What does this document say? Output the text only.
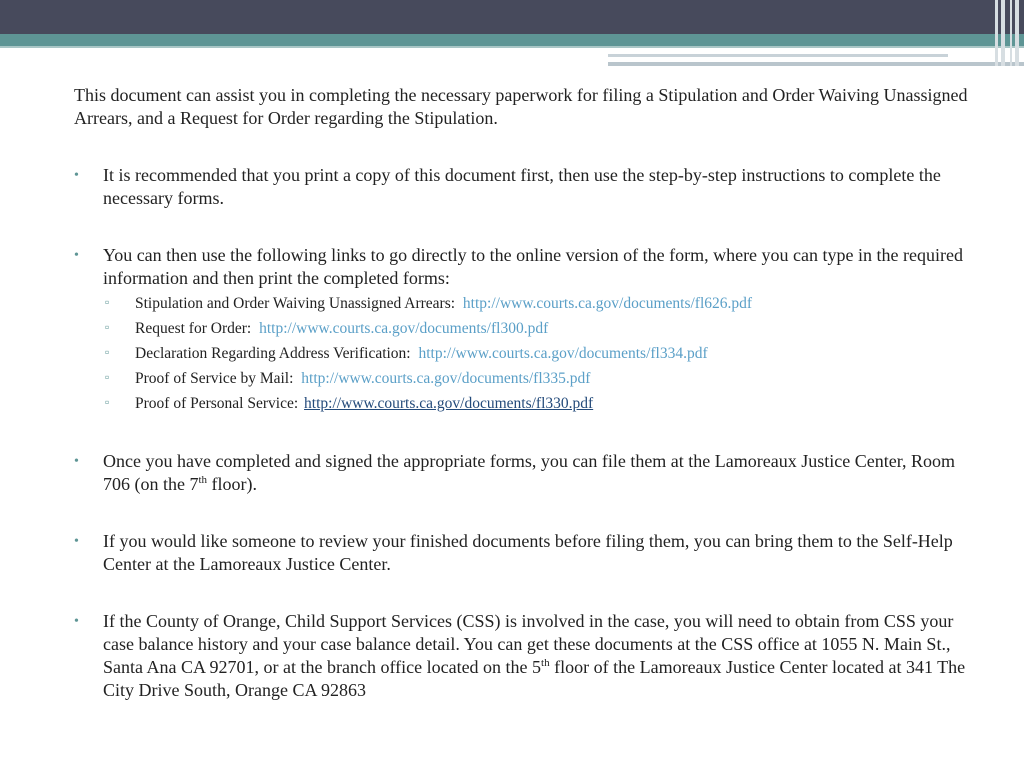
This document can assist you in completing the necessary paperwork for filing a Stipulation and Order Waiving Unassigned Arrears, and a Request for Order regarding the Stipulation.

• It is recommended that you print a copy of this document first, then use the step-by-step instructions to complete the necessary forms.
• You can then use the following links to go directly to the online version of the form, where you can type in the required information and then print the completed forms:
▫ Stipulation and Order Waiving Unassigned Arrears: http://www.courts.ca.gov/documents/fl626.pdf
▫ Request for Order: http://www.courts.ca.gov/documents/fl300.pdf
▫ Declaration Regarding Address Verification: http://www.courts.ca.gov/documents/fl334.pdf
▫ Proof of Service by Mail: http://www.courts.ca.gov/documents/fl335.pdf
▫ Proof of Personal Service: http://www.courts.ca.gov/documents/fl330.pdf
• Once you have completed and signed the appropriate forms, you can file them at the Lamoreaux Justice Center, Room 706 (on the 7th floor).
• If you would like someone to review your finished documents before filing them, you can bring them to the Self-Help Center at the Lamoreaux Justice Center.
• If the County of Orange, Child Support Services (CSS) is involved in the case, you will need to obtain from CSS your case balance history and your case balance detail. You can get these documents at the CSS office at 1055 N. Main St., Santa Ana CA 92701, or at the branch office located on the 5th floor of the Lamoreaux Justice Center located at 341 The City Drive South, Orange CA 92863
